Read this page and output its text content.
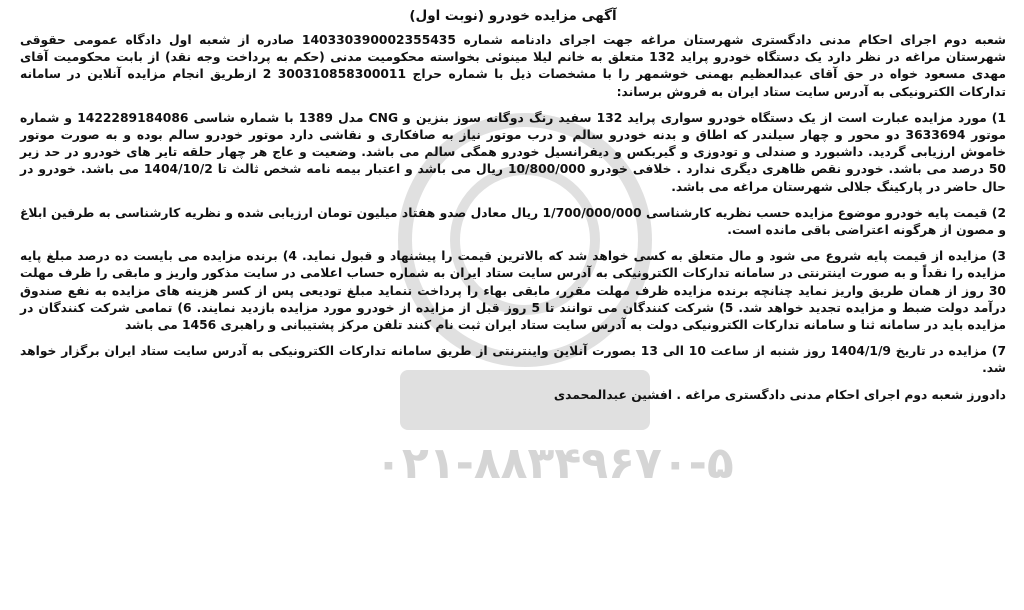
۰۲۱-۸۸۳۴۹۶۷۰-۵
آگهی مزایده خودرو (نوبت اول)

شعبه دوم اجرای احکام مدنی دادگستری شهرستان مراغه جهت اجرای دادنامه شماره 140330390002355435 صادره از شعبه اول دادگاه عمومی حقوقی شهرستان مراغه در نظر دارد یک دستگاه خودرو پراید 132 متعلق به خانم لیلا مینوئی بخواسته محکومیت مدنی (حکم به پرداخت وجه نقد) از بابت محکومیت آقای مهدی مسعود خواه در حق آقای عبدالعظیم بهمنی خوشمهر را با مشخصات ذیل با شماره حراج 300310858300011 2 ازطریق انجام مزایده آنلاین در سامانه تدارکات الکترونیکی به آدرس سایت ستاد ایران به فروش برساند:

1) مورد مزایده عبارت است از یک دستگاه خودرو سواری پراید 132 سفید رنگ دوگانه سوز بنزین و CNG مدل 1389 با شماره شاسی 1422289184086 و شماره موتور 3633694 دو محور و چهار سیلندر که اطاق و بدنه خودرو سالم و درب موتور نیاز به صافکاری و نقاشی دارد موتور خودرو سالم بوده و به صورت موتور خاموش ارزیابی گردید. داشبورد و صندلی و تودوزی و گیربکس و دیفرانسیل خودرو همگی سالم می باشد. وضعیت و عاج هر چهار حلقه تایر های خودرو در حد زیر 50 درصد می باشد. خودرو نقص ظاهری دیگری ندارد . خلافی خودرو 10/800/000 ریال می باشد و اعتبار بیمه نامه شخص ثالث تا 1404/10/2 می باشد. خودرو در حال حاضر در پارکینگ جلالی شهرستان مراغه می باشد.

2) قیمت پایه خودرو موضوع مزایده حسب نظریه کارشناسی 1/700/000/000 ریال معادل صدو هفتاد میلیون تومان ارزیابی شده و نظریه کارشناسی به طرفین ابلاغ و مصون از هرگونه اعتراضی باقی مانده است.

3) مزایده از قیمت پایه شروع می شود و مال متعلق به کسی خواهد شد که بالاترین قیمت را پیشنهاد و قبول نماید. 4) برنده مزایده می بایست ده درصد مبلغ پایه مزایده را نقداً و به صورت اینترنتی در سامانه تدارکات الکترونیکی به آدرس سایت ستاد ایران به شماره حساب اعلامی در سایت مذکور واریز و مابقی را ظرف مهلت 30 روز از همان طریق واریز نماید چنانچه برنده مزایده ظرف مهلت مقرر، مابقی بهاء را پرداخت ننماید مبلغ تودیعی پس از کسر هزینه های مزایده به نفع صندوق درآمد دولت ضبط و مزایده تجدید خواهد شد. 5) شرکت کنندگان می توانند تا 5 روز قبل از مزایده از خودرو مورد مزایده بازدید نمایند. 6) تمامی شرکت کنندگان در مزایده باید در سامانه ثنا و سامانه تدارکات الکترونیکی دولت به آدرس سایت ستاد ایران ثبت نام کنند تلفن مرکز پشتیبانی و راهبری 1456 می باشد

7) مزایده در تاریخ 1404/1/9 روز شنبه از ساعت 10 الی 13 بصورت آنلاین واینترنتی از طریق سامانه تدارکات الکترونیکی به آدرس سایت ستاد ایران برگزار خواهد شد.

دادورز شعبه دوم اجرای احکام مدنی دادگستری مراغه . افشین عبدالمحمدی
